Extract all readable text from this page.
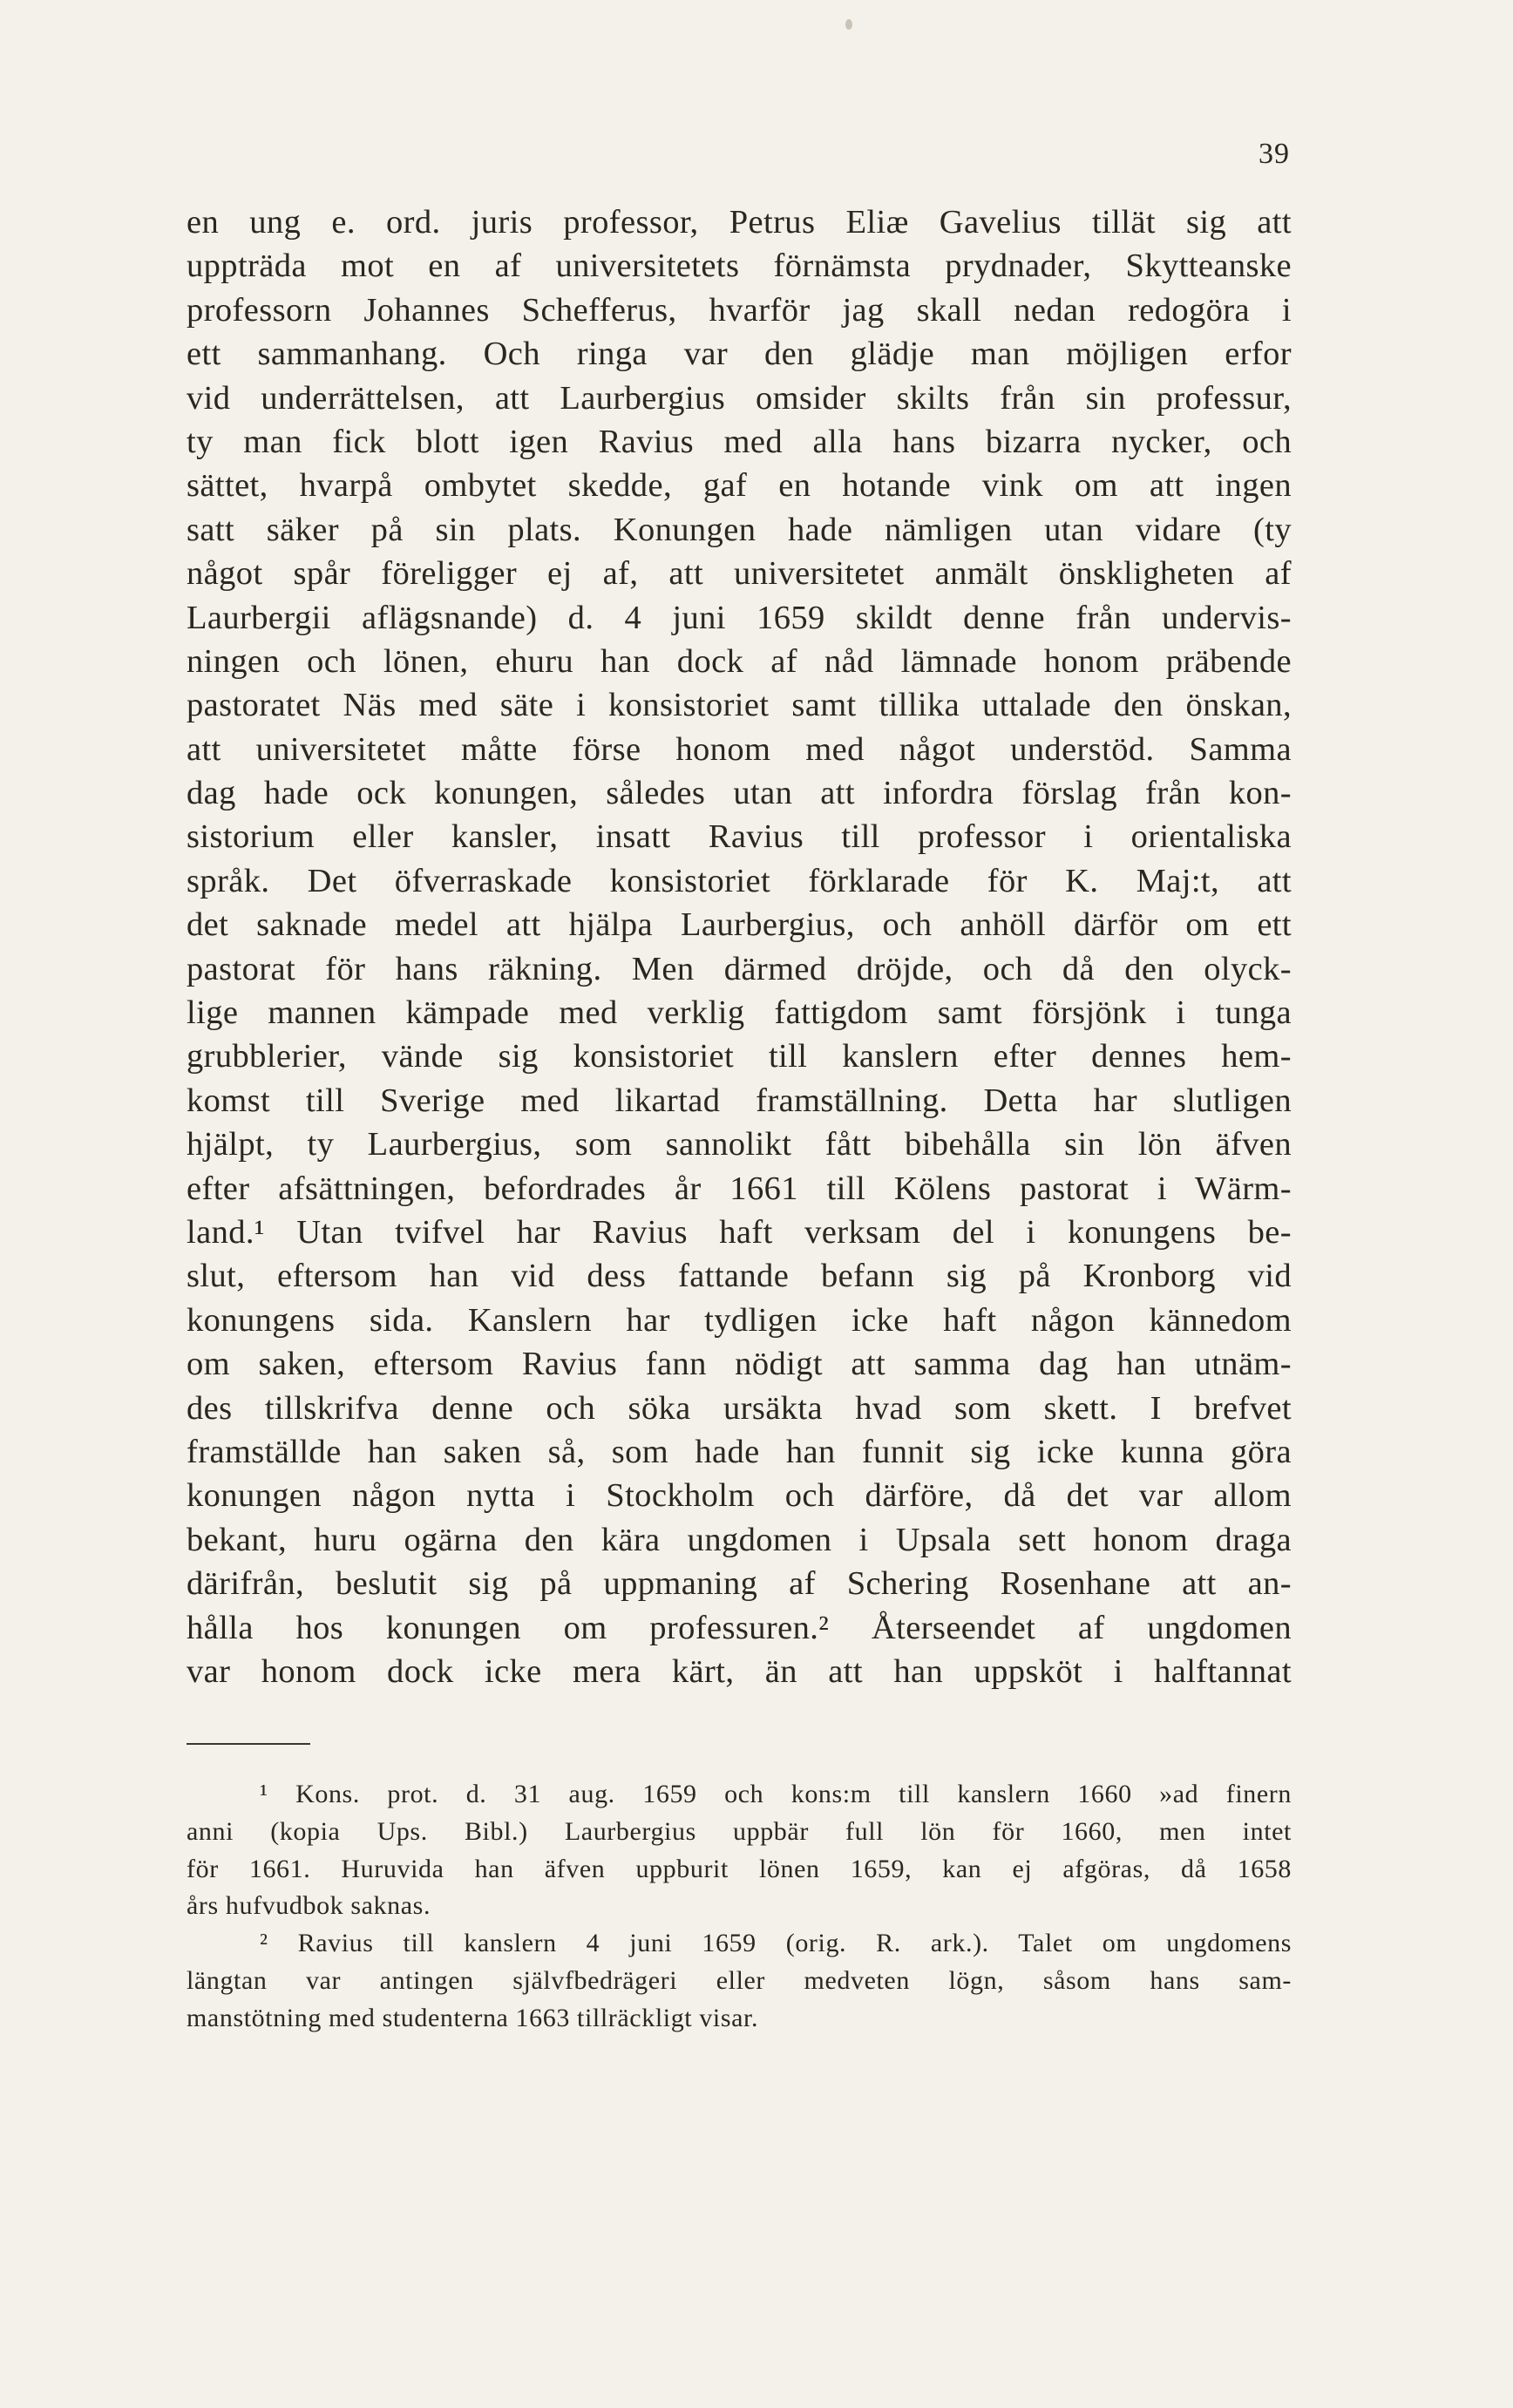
39
en ung e. ord. juris professor, Petrus Eliæ Gavelius tillät sig att
uppträda mot en af universitetets förnämsta prydnader, Skytteanske
professorn Johannes Schefferus, hvarför jag skall nedan redogöra i
ett sammanhang. Och ringa var den glädje man möjligen erfor
vid underrättelsen, att Laurbergius omsider skilts från sin professur,
ty man fick blott igen Ravius med alla hans bizarra nycker, och
sättet, hvarpå ombytet skedde, gaf en hotande vink om att ingen
satt säker på sin plats. Konungen hade nämligen utan vidare (ty
något spår föreligger ej af, att universitetet anmält önskligheten af
Laurbergii aflägsnande) d. 4 juni 1659 skildt denne från undervis-
ningen och lönen, ehuru han dock af nåd lämnade honom präbende
pastoratet Näs med säte i konsistoriet samt tillika uttalade den önskan,
att universitetet måtte förse honom med något understöd. Samma
dag hade ock konungen, således utan att infordra förslag från kon-
sistorium eller kansler, insatt Ravius till professor i orientaliska
språk. Det öfverraskade konsistoriet förklarade för K. Maj:t, att
det saknade medel att hjälpa Laurbergius, och anhöll därför om ett
pastorat för hans räkning. Men därmed dröjde, och då den olyck-
lige mannen kämpade med verklig fattigdom samt försjönk i tunga
grubblerier, vände sig konsistoriet till kanslern efter dennes hem-
komst till Sverige med likartad framställning. Detta har slutligen
hjälpt, ty Laurbergius, som sannolikt fått bibehålla sin lön äfven
efter afsättningen, befordrades år 1661 till Kölens pastorat i Wärm-
land.¹ Utan tvifvel har Ravius haft verksam del i konungens be-
slut, eftersom han vid dess fattande befann sig på Kronborg vid
konungens sida. Kanslern har tydligen icke haft någon kännedom
om saken, eftersom Ravius fann nödigt att samma dag han utnäm-
des tillskrifva denne och söka ursäkta hvad som skett. I brefvet
framställde han saken så, som hade han funnit sig icke kunna göra
konungen någon nytta i Stockholm och därföre, då det var allom
bekant, huru ogärna den kära ungdomen i Upsala sett honom draga
därifrån, beslutit sig på uppmaning af Schering Rosenhane att an-
hålla hos konungen om professuren.² Återseendet af ungdomen
var honom dock icke mera kärt, än att han uppsköt i halftannat
¹ Kons. prot. d. 31 aug. 1659 och kons:m till kanslern 1660 »ad finern
anni (kopia Ups. Bibl.) Laurbergius uppbär full lön för 1660, men intet
för 1661. Huruvida han äfven uppburit lönen 1659, kan ej afgöras, då 1658
års hufvudbok saknas.
² Ravius till kanslern 4 juni 1659 (orig. R. ark.). Talet om ungdomens
längtan var antingen självfbedrägeri eller medveten lögn, såsom hans sam-
manstötning med studenterna 1663 tillräckligt visar.
